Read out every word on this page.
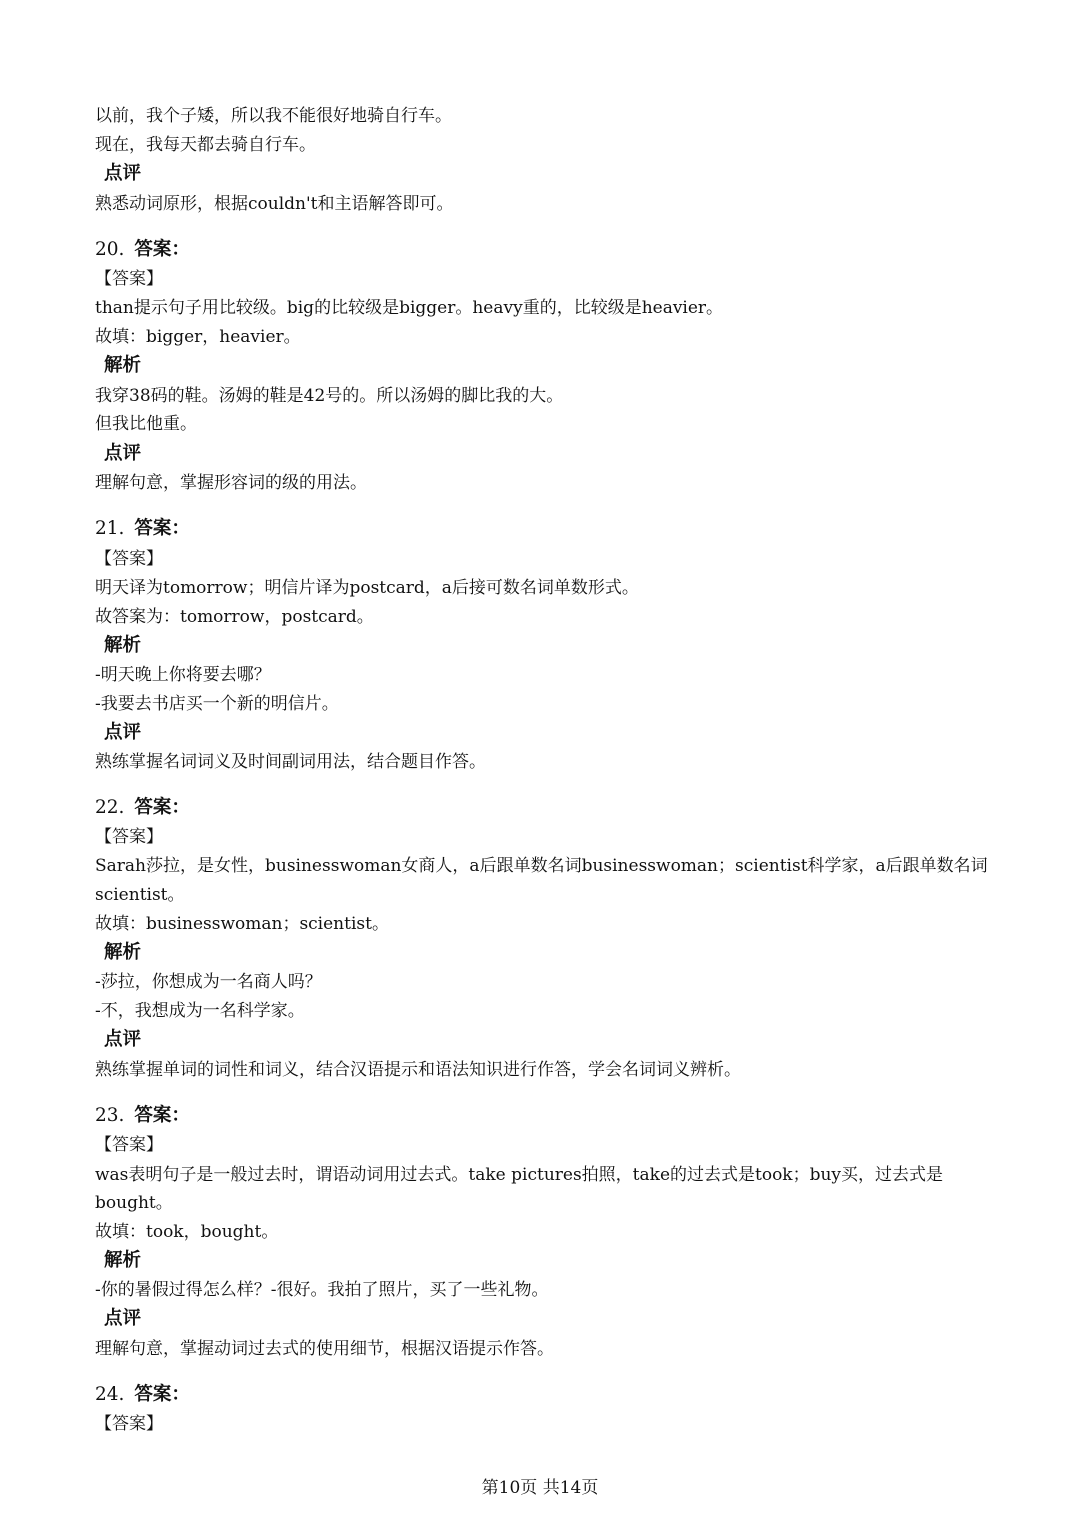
以前，我个子矮，所以我不能很好地骑自行车。
现在，我每天都去骑自行车。
点评
熟悉动词原形，根据couldn't和主语解答即可。
20. 答案：
【答案】
than提示句子用比较级。big的比较级是bigger。heavy重的，比较级是heavier。
故填：bigger，heavier。
解析
我穿38码的鞋。汤姆的鞋是42号的。所以汤姆的脚比我的大。
但我比他重。
点评
理解句意，掌握形容词的级的用法。
21. 答案：
【答案】
明天译为tomorrow；明信片译为postcard，a后接可数名词单数形式。
故答案为：tomorrow，postcard。
解析
-明天晚上你将要去哪？
-我要去书店买一个新的明信片。
点评
熟练掌握名词词义及时间副词用法，结合题目作答。
22. 答案：
【答案】
Sarah莎拉，是女性，businesswoman女商人，a后跟单数名词businesswoman；scientist科学家，a后跟单数名词
scientist。
故填：businesswoman；scientist。
解析
-莎拉，你想成为一名商人吗？
-不，我想成为一名科学家。
点评
熟练掌握单词的词性和词义，结合汉语提示和语法知识进行作答，学会名词词义辨析。
23. 答案：
【答案】
was表明句子是一般过去时，谓语动词用过去式。take pictures拍照，take的过去式是took；buy买，过去式是
bought。
故填：took，bought。
解析
-你的暑假过得怎么样？-很好。我拍了照片，买了一些礼物。
点评
理解句意，掌握动词过去式的使用细节，根据汉语提示作答。
24. 答案：
【答案】
第10页 共14页
